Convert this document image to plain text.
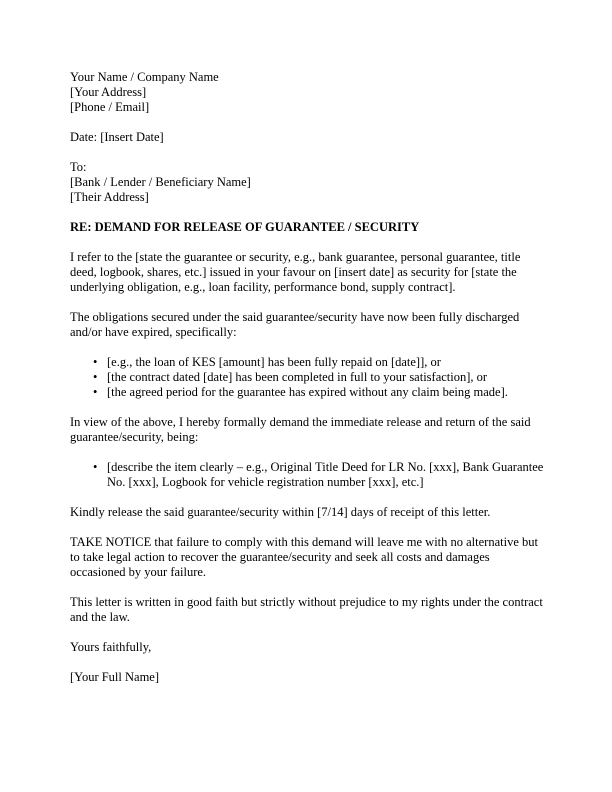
Your Name / Company Name

[Your Address]

[Phone / Email]

Date: [Insert Date]

To:

[Bank / Lender / Beneficiary Name]

[Their Address]

RE: DEMAND FOR RELEASE OF GUARANTEE / SECURITY

I refer to the [state the guarantee or security, e.g., bank guarantee, personal guarantee, title deed, logbook, shares, etc.] issued in your favour on [insert date] as security for [state the underlying obligation, e.g., loan facility, performance bond, supply contract].

The obligations secured under the said guarantee/security have now been fully discharged and/or have expired, specifically:

• [e.g., the loan of KES [amount] has been fully repaid on [date]], or
• [the contract dated [date] has been completed in full to your satisfaction], or
• [the agreed period for the guarantee has expired without any claim being made].

In view of the above, I hereby formally demand the immediate release and return of the said guarantee/security, being:

• [describe the item clearly – e.g., Original Title Deed for LR No. [xxx], Bank Guarantee No. [xxx], Logbook for vehicle registration number [xxx], etc.]

Kindly release the said guarantee/security within [7/14] days of receipt of this letter.

TAKE NOTICE that failure to comply with this demand will leave me with no alternative but to take legal action to recover the guarantee/security and seek all costs and damages occasioned by your failure.

This letter is written in good faith but strictly without prejudice to my rights under the contract and the law.

Yours faithfully,

[Your Full Name]
